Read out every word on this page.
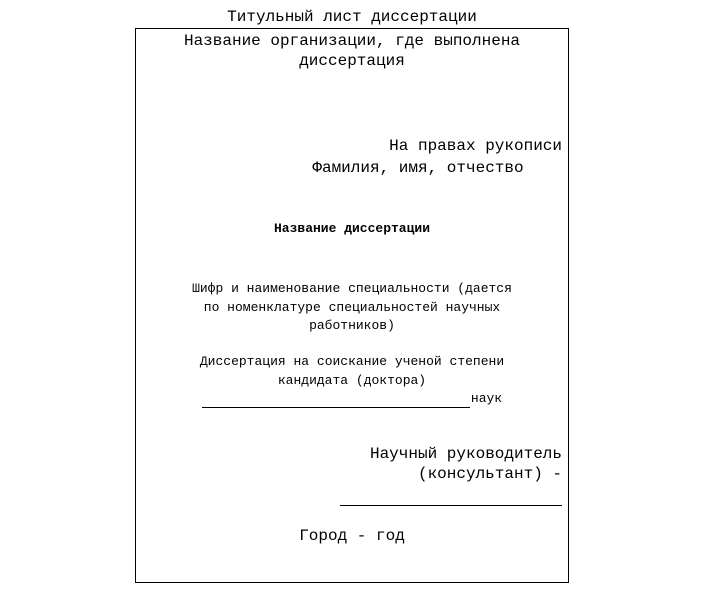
Титульный лист диссертации
Название организации, где выполнена
диссертация
На правах рукописи
Фамилия, имя, отчество
Название диссертации
Шифр и наименование специальности (дается
по номенклатуре специальностей научных
работников)
Диссертация на соискание ученой степени
кандидата (доктора)
наук
Научный руководитель
(консультант) -
Город - год
